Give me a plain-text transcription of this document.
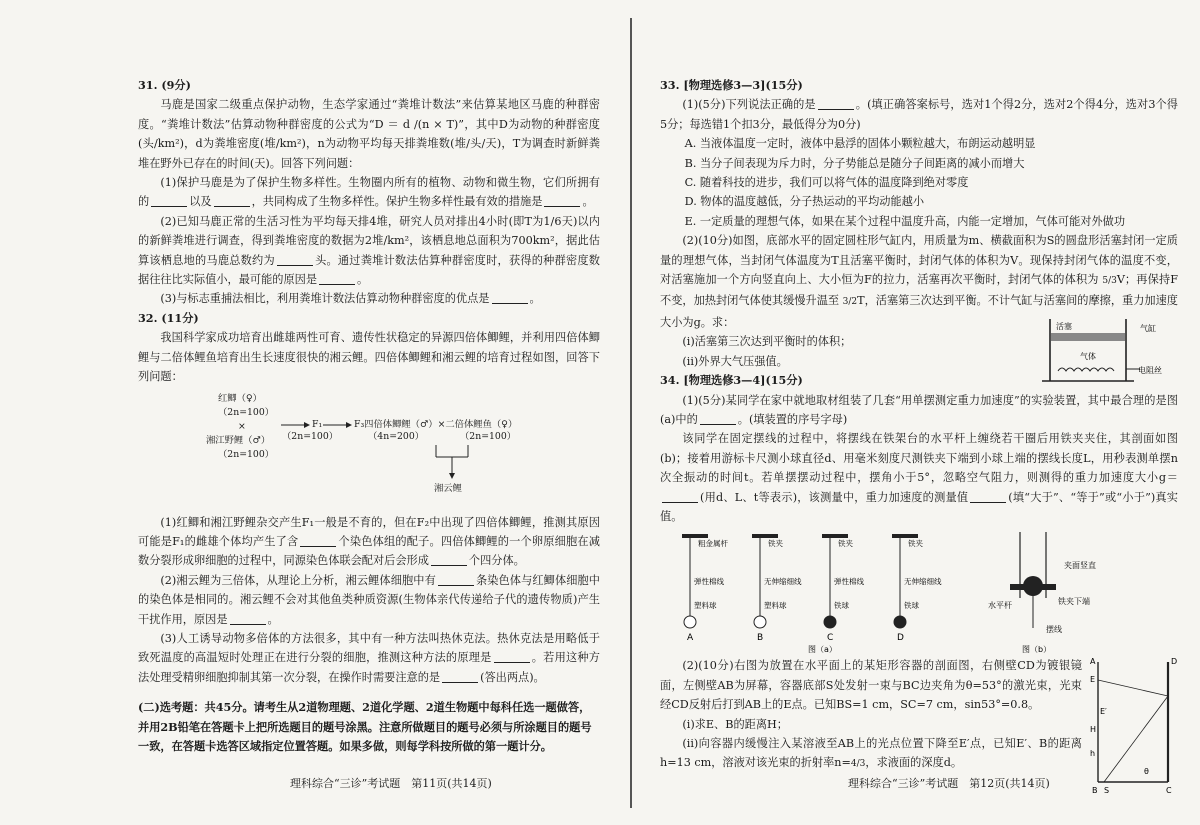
31. (9分)

马鹿是国家二级重点保护动物，生态学家通过“粪堆计数法”来估算某地区马鹿的种群密度。“粪堆计数法”估算动物种群密度的公式为“D ＝ d /(n × T)”，其中D为动物的种群密度(头/km²)，d为粪堆密度(堆/km²)，n为动物平均每天排粪堆数(堆/头/天)，T为调查时新鲜粪堆在野外已存在的时间(天)。回答下列问题：

(1)保护马鹿是为了保护生物多样性。生物圈内所有的植物、动物和微生物，它们所拥有的	以及	，共同构成了生物多样性。保护生物多样性最有效的措施是	。

(2)已知马鹿正常的生活习性为平均每天排4堆，研究人员对排出4小时(即T为1/6天)以内的新鲜粪堆进行调查，得到粪堆密度的数据为2堆/km²，该栖息地总面积为700km²，据此估算该栖息地的马鹿总数约为	头。通过粪堆计数法估算种群密度时，获得的种群密度数据往往比实际值小，最可能的原因是	。

(3)与标志重捕法相比，利用粪堆计数法估算动物种群密度的优点是	。

32. (11分)

我国科学家成功培育出雌雄两性可育、遗传性状稳定的异源四倍体鲫鲤，并利用四倍体鲫鲤与二倍体鲤鱼培育出生长速度很快的湘云鲤。四倍体鲫鲤和湘云鲤的培育过程如图，回答下列问题：

红鲫（♀）
（2n=100）
×
湘江野鲤（♂）
（2n=100）
F₁
（2n=100）
F₃四倍体鲫鲤（♂）×二倍体鲤鱼（♀）
（4n=200）	（2n=100）
湘云鲤

(1)红鲫和湘江野鲤杂交产生F₁一般是不育的，但在F₂中出现了四倍体鲫鲤，推测其原因可能是F₁的雌雄个体均产生了含	个染色体组的配子。四倍体鲫鲤的一个卵原细胞在减数分裂形成卵细胞的过程中，同源染色体联会配对后会形成	个四分体。

(2)湘云鲤为三倍体，从理论上分析，湘云鲤体细胞中有	条染色体与红鲫体细胞中的染色体是相同的。湘云鲤不会对其他鱼类种质资源(生物体亲代传递给子代的遗传物质)产生干扰作用，原因是	。

(3)人工诱导动物多倍体的方法很多，其中有一种方法叫热休克法。热休克法是用略低于致死温度的高温短时处理正在进行分裂的细胞，推测这种方法的原理是	。若用这种方法处理受精卵细胞抑制其第一次分裂，在操作时需要注意的是	(答出两点)。

(二)选考题：共45分。请考生从2道物理题、2道化学题、2道生物题中每科任选一题做答，并用2B铅笔在答题卡上把所选题目的题号涂黑。注意所做题目的题号必须与所涂题目的题号一致，在答题卡选答区域指定位置答题。如果多做，则每学科按所做的第一题计分。

理科综合“三诊”考试题　第11页(共14页)

33. [物理选修3—3](15分)

(1)(5分)下列说法正确的是	。(填正确答案标号，选对1个得2分，选对2个得4分，选对3个得5分；每选错1个扣3分，最低得分为0分)

A. 当液体温度一定时，液体中悬浮的固体小颗粒越大，布朗运动越明显

B. 当分子间表现为斥力时，分子势能总是随分子间距离的减小而增大

C. 随着科技的进步，我们可以将气体的温度降到绝对零度

D. 物体的温度越低，分子热运动的平均动能越小

E. 一定质量的理想气体，如果在某个过程中温度升高，内能一定增加，气体可能对外做功

活塞	气缸
气体
电阻丝

(2)(10分)如图，底部水平的固定圆柱形气缸内，用质量为m、横截面积为S的圆盘形活塞封闭一定质量的理想气体，当封闭气体温度为T且活塞平衡时，封闭气体的体积为V。现保持封闭气体的温度不变，对活塞施加一个方向竖直向上、大小恒为F的拉力，活塞再次平衡时，封闭气体的体积为 5/3V；再保持F不变，加热封闭气体使其缓慢升温至 3/2T，活塞第三次达到平衡。不计气缸与活塞间的摩擦，重力加速度大小为g。求：

(i)活塞第三次达到平衡时的体积；

(ii)外界大气压强值。

34. [物理选修3—4](15分)

(1)(5分)某同学在家中就地取材组装了几套“用单摆测定重力加速度”的实验装置，其中最合理的是图(a)中的	。(填装置的序号字母)

该同学在固定摆线的过程中，将摆线在铁架台的水平杆上缠绕若干圈后用铁夹夹住，其剖面如图(b)；接着用游标卡尺测小球直径d、用毫米刻度尺测铁夹下端到小球上端的摆线长度L，用秒表测单摆n次全振动的时间t。若单摆摆动过程中，摆角小于5°，忽略空气阻力，则测得的重力加速度大小g＝(用d、L、t等表示)，该测量中，重力加速度的测量值	(填“大于”、“等于”或“小于”)真实值。

粗金属杆
弹性棉线
塑料球
A
铁夹
无伸缩细线
塑料球
B
铁夹
弹性棉线
铁球
C
铁夹
无伸缩细线
铁球
D
图（a）
夹面竖直
水平杆	铁夹下端
摆线
图（b）
A	D
E
E′
H
h
θ
B S	C

(2)(10分)右图为放置在水平面上的某矩形容器的剖面图，右侧壁CD为镀银镜面，左侧壁AB为屏幕，容器底部S处发射一束与BC边夹角为θ=53°的激光束，光束经CD反射后打到AB上的E点。已知BS=1 cm，SC=7 cm，sin53°=0.8。

(i)求E、B的距离H；

(ii)向容器内缓慢注入某溶液至AB上的光点位置下降至E′点，已知E′、B的距离h=13 cm，溶液对该光束的折射率n=4/3，求液面的深度d。

理科综合“三诊”考试题　第12页(共14页)
